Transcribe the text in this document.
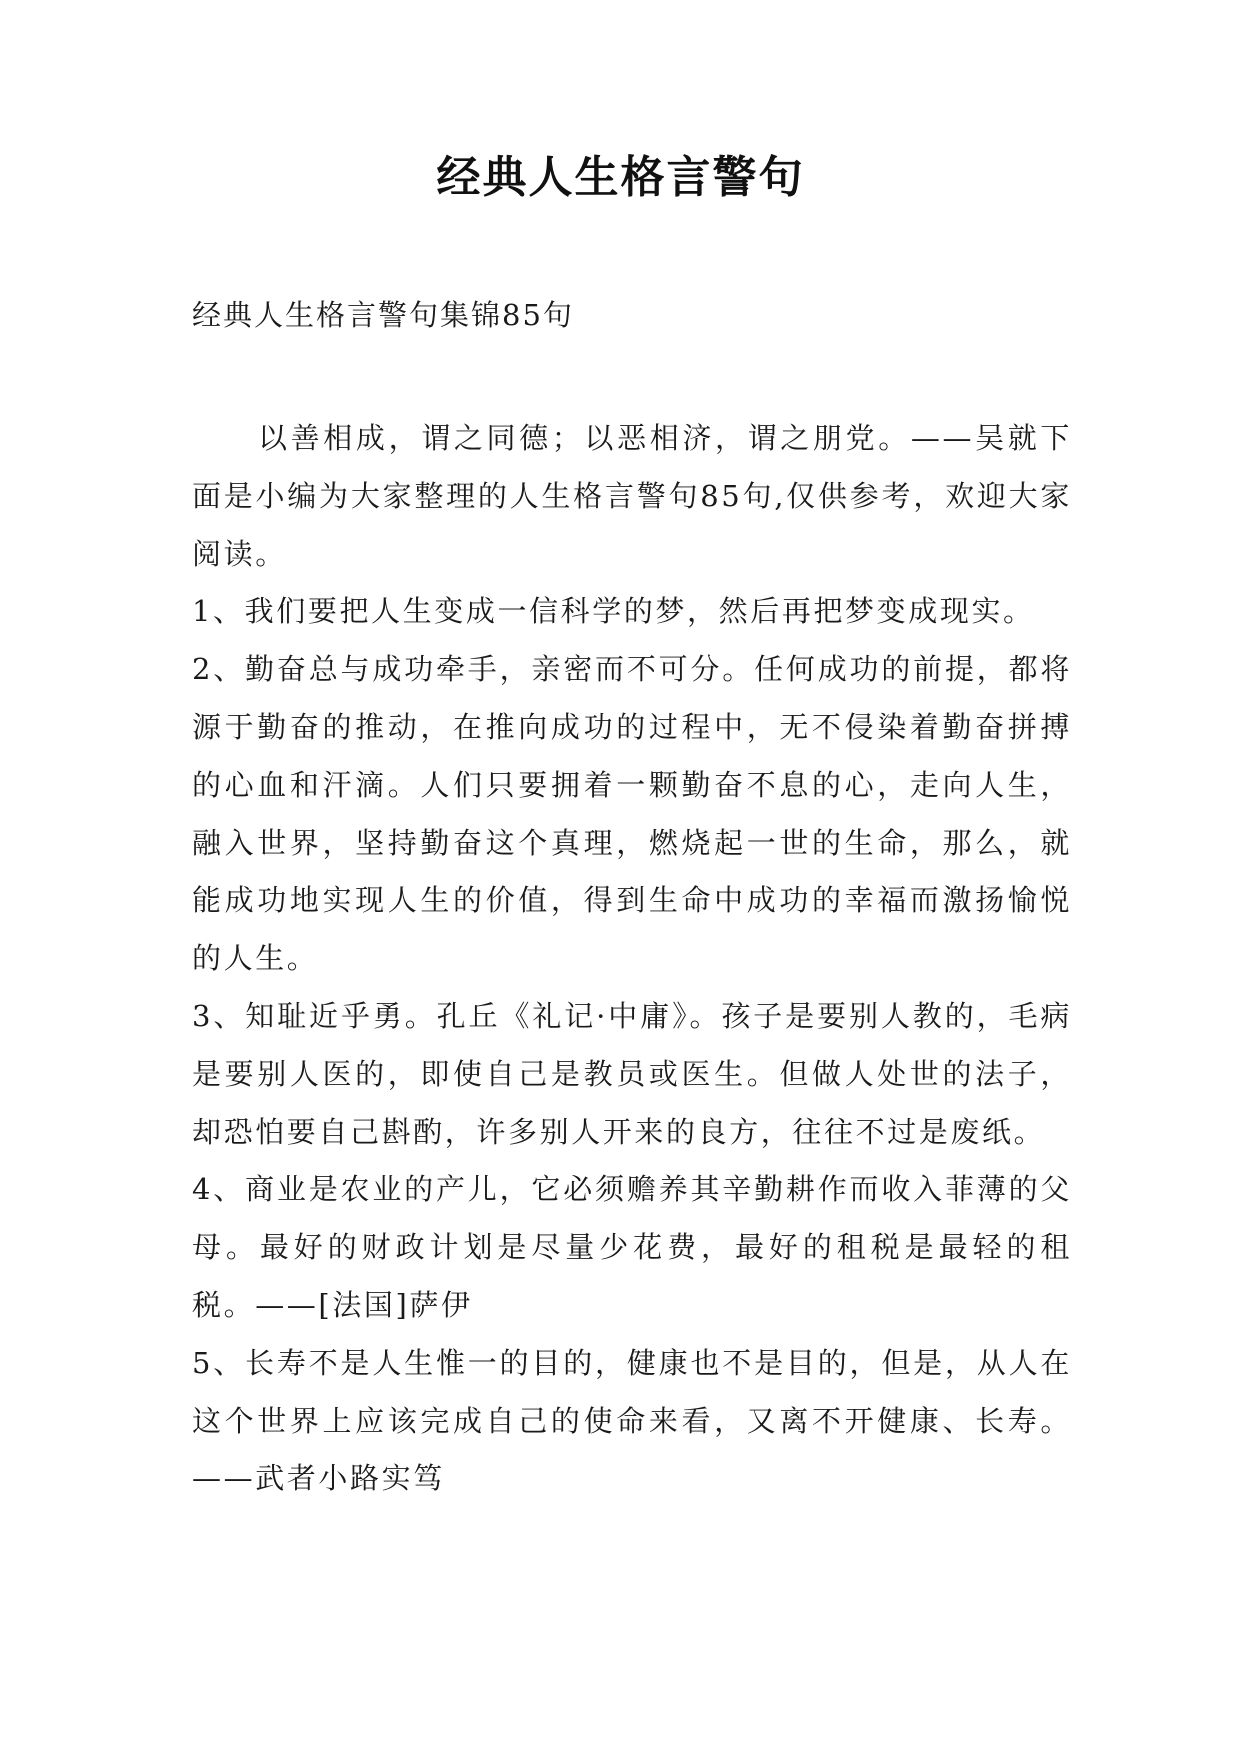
经典人生格言警句
经典人生格言警句集锦85句

以善相成，谓之同德；以恶相济，谓之朋党。——吴就下面是小编为大家整理的人生格言警句85句,仅供参考，欢迎大家阅读。

1、我们要把人生变成一信科学的梦，然后再把梦变成现实。

2、勤奋总与成功牵手，亲密而不可分。任何成功的前提，都将源于勤奋的推动，在推向成功的过程中，无不侵染着勤奋拼搏的心血和汗滴。人们只要拥着一颗勤奋不息的心，走向人生，融入世界，坚持勤奋这个真理，燃烧起一世的生命，那么，就能成功地实现人生的价值，得到生命中成功的幸福而激扬愉悦的人生。

3、知耻近乎勇。孔丘《礼记·中庸》。孩子是要别人教的，毛病是要别人医的，即使自己是教员或医生。但做人处世的法子，却恐怕要自己斟酌，许多别人开来的良方，往往不过是废纸。

4、商业是农业的产儿，它必须赡养其辛勤耕作而收入菲薄的父母。最好的财政计划是尽量少花费，最好的租税是最轻的租税。——[法国]萨伊

5、长寿不是人生惟一的目的，健康也不是目的，但是，从人在这个世界上应该完成自己的使命来看，又离不开健康、长寿。——武者小路实笃
